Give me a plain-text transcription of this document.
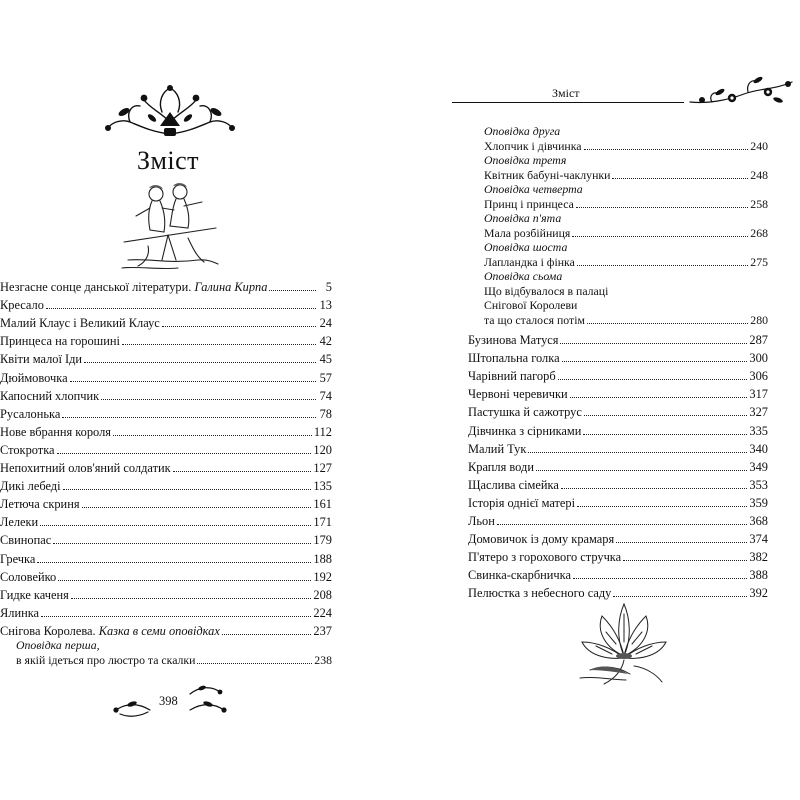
Зміст
Незгасне сонце данської літератури. Галина Кирпа	5
Кресало	13
Малий Клаус і Великий Клаус	24
Принцеса на горошині	42
Квіти малої Іди	45
Дюймовочка	57
Капосний хлопчик	74
Русалонька	78
Нове вбрання короля	112
Стокротка	120
Непохитний олов'яний солдатик	127
Дикі лебеді	135
Летюча скриня	161
Лелеки	171
Свинопас	179
Гречка	188
Соловейко	192
Гидке каченя	208
Ялинка	224
Снігова Королева. Казка в семи оповідках	237
Оповідка перша,
в якій ідеться про люстро та скалки	238
398
Зміст
Оповідка друга
Хлопчик і дівчинка	240
Оповідка третя
Квітник бабуні-чаклунки	248
Оповідка четверта
Принц і принцеса	258
Оповідка п'ята
Мала розбійниця	268
Оповідка шоста
Лапландка і фінка	275
Оповідка сьома
Що відбувалося в палаці
Снігової Королеви
та що сталося потім	280
Бузинова Матуся	287
Штопальна голка	300
Чарівний пагорб	306
Червоні черевички	317
Пастушка й сажотрус	327
Дівчинка з сірниками	335
Малий Тук	340
Крапля води	349
Щаслива сімейка	353
Історія однієї матері	359
Льон	368
Домовичок із дому крамаря	374
П'ятеро з горохового стручка	382
Свинка-скарбничка	388
Пелюстка з небесного саду	392
